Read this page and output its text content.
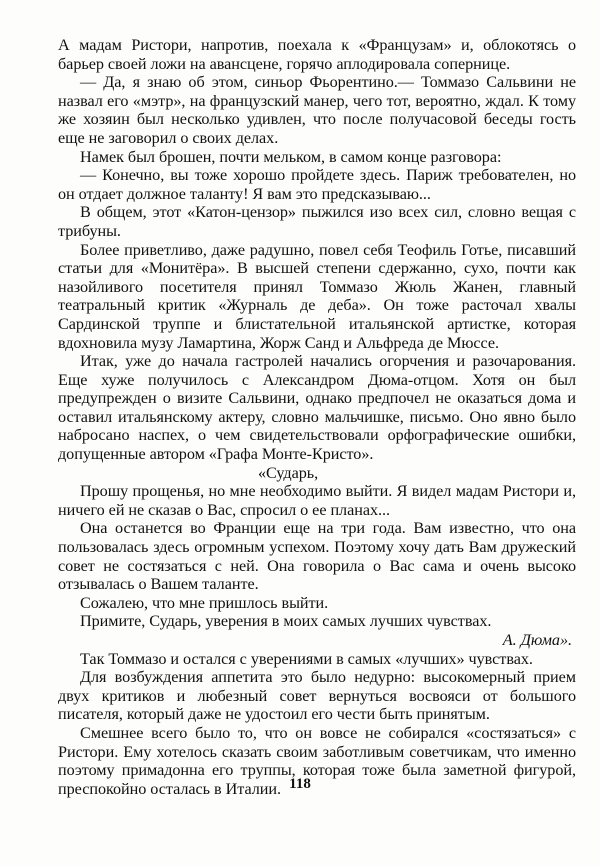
А мадам Ристори, напротив, поехала к «Французам» и, облокотясь о барьер своей ложи на авансцене, горячо аплодировала сопернице.

— Да, я знаю об этом, синьор Фьорентино.— Томмазо Сальвини не назвал его «мэтр», на французский манер, чего тот, вероятно, ждал. К тому же хозяин был несколько удивлен, что после получасовой беседы гость еще не заговорил о своих делах.

Намек был брошен, почти мельком, в самом конце разговора:

— Конечно, вы тоже хорошо пройдете здесь. Париж требователен, но он отдает должное таланту! Я вам это предсказываю...

В общем, этот «Катон-цензор» пыжился изо всех сил, словно вещая с трибуны.

Более приветливо, даже радушно, повел себя Теофиль Готье, писавший статьи для «Монитёра». В высшей степени сдержанно, сухо, почти как назойливого посетителя принял Томмазо Жюль Жанен, главный театральный критик «Журналь де деба». Он тоже расточал хвалы Сардинской труппе и блистательной итальянской артистке, которая вдохновила музу Ламартина, Жорж Санд и Альфреда де Мюссе.

Итак, уже до начала гастролей начались огорчения и разочарования. Еще хуже получилось с Александром Дюма-отцом. Хотя он был предупрежден о визите Сальвини, однако предпочел не оказаться дома и оставил итальянскому актеру, словно мальчишке, письмо. Оно явно было набросано наспех, о чем свидетельствовали орфографические ошибки, допущенные автором «Графа Монте-Кристо».

«Сударь,

Прошу прощенья, но мне необходимо выйти. Я видел мадам Ристори и, ничего ей не сказав о Вас, спросил о ее планах...

Она останется во Франции еще на три года. Вам известно, что она пользовалась здесь огромным успехом. Поэтому хочу дать Вам дружеский совет не состязаться с ней. Она говорила о Вас сама и очень высоко отзывалась о Вашем таланте.

Сожалею, что мне пришлось выйти.

Примите, Сударь, уверения в моих самых лучших чувствах.

А. Дюма».

Так Томмазо и остался с уверениями в самых «лучших» чувствах.

Для возбуждения аппетита это было недурно: высокомерный прием двух критиков и любезный совет вернуться восвояси от большого писателя, который даже не удостоил его чести быть принятым.

Смешнее всего было то, что он вовсе не собирался «состязаться» с Ристори. Ему хотелось сказать своим заботливым советчикам, что именно поэтому примадонна его труппы, которая тоже была заметной фигурой, преспокойно осталась в Италии. 118
